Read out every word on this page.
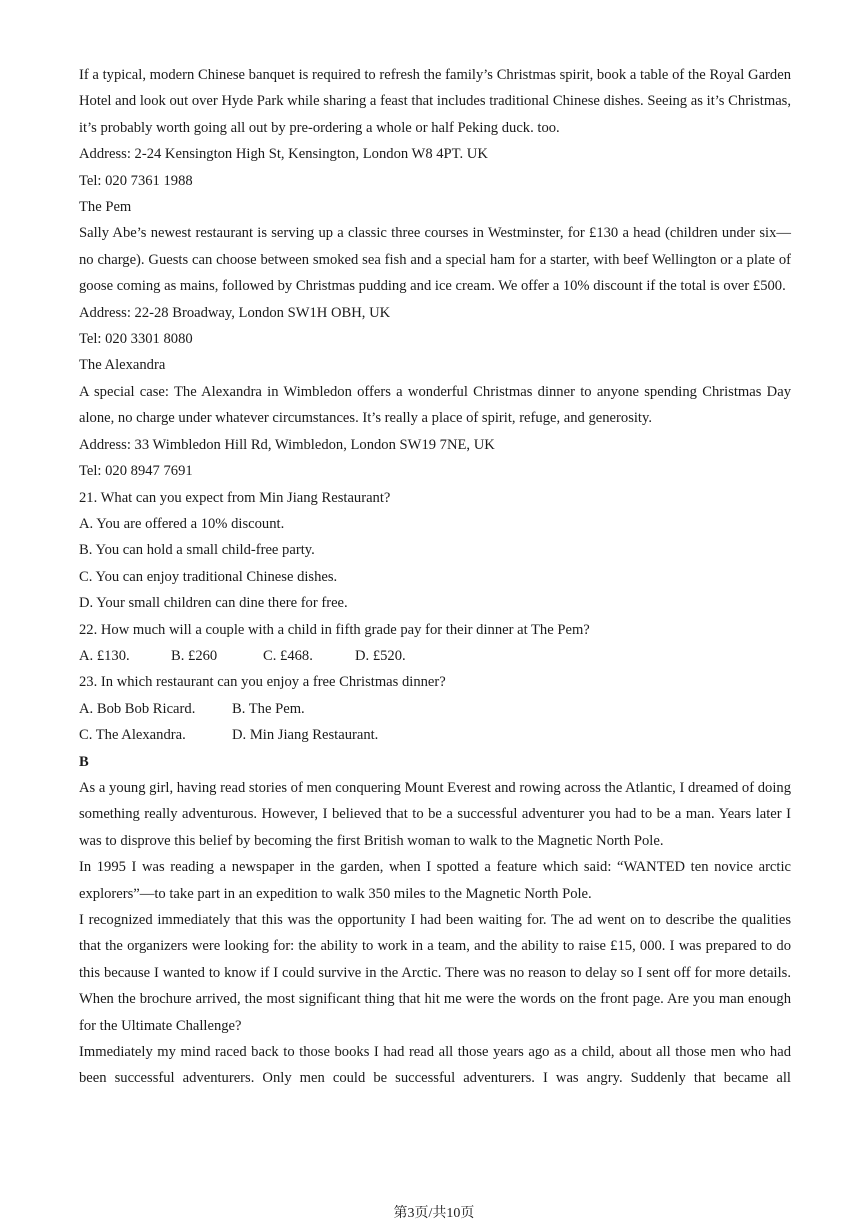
If a typical, modern Chinese banquet is required to refresh the family’s Christmas spirit, book a table of the Royal Garden Hotel and look out over Hyde Park while sharing a feast that includes traditional Chinese dishes. Seeing as it’s Christmas, it’s probably worth going all out by pre-ordering a whole or half Peking duck. too.

Address: 2-24 Kensington High St, Kensington, London W8 4PT. UK

Tel: 020 7361 1988

The Pem

Sally Abe’s newest restaurant is serving up a classic three courses in Westminster, for £130 a head (children under six—no charge). Guests can choose between smoked sea fish and a special ham for a starter, with beef Wellington or a plate of goose coming as mains, followed by Christmas pudding and ice cream. We offer a 10% discount if the total is over £500.

Address: 22-28 Broadway, London SW1H OBH, UK

Tel: 020 3301 8080

The Alexandra

A special case: The Alexandra in Wimbledon offers a wonderful Christmas dinner to anyone spending Christmas Day alone, no charge under whatever circumstances. It’s really a place of spirit, refuge, and generosity.

Address: 33 Wimbledon Hill Rd, Wimbledon, London SW19 7NE, UK

Tel: 020 8947 7691

21. What can you expect from Min Jiang Restaurant?

A. You are offered a 10% discount.

B. You can hold a small child-free party.

C. You can enjoy traditional Chinese dishes.

D. Your small children can dine there for free.

22. How much will a couple with a child in fifth grade pay for their dinner at The Pem?

A. £130.	B. £260	C. £468.	D. £520.

23. In which restaurant can you enjoy a free Christmas dinner?

A. Bob Bob Ricard.	B. The Pem.
C. The Alexandra.	D. Min Jiang Restaurant.

B

As a young girl, having read stories of men conquering Mount Everest and rowing across the Atlantic, I dreamed of doing something really adventurous. However, I believed that to be a successful adventurer you had to be a man. Years later I was to disprove this belief by becoming the first British woman to walk to the Magnetic North Pole.

In 1995 I was reading a newspaper in the garden, when I spotted a feature which said: “WANTED ten novice arctic explorers”—to take part in an expedition to walk 350 miles to the Magnetic North Pole.

I recognized immediately that this was the opportunity I had been waiting for. The ad went on to describe the qualities that the organizers were looking for: the ability to work in a team, and the ability to raise £15, 000. I was prepared to do this because I wanted to know if I could survive in the Arctic. There was no reason to delay so I sent off for more details. When the brochure arrived, the most significant thing that hit me were the words on the front page. Are you man enough for the Ultimate Challenge?

Immediately my mind raced back to those books I had read all those years ago as a child, about all those men who had been successful adventurers. Only men could be successful adventurers. I was angry. Suddenly that became all

第3页/共10页
